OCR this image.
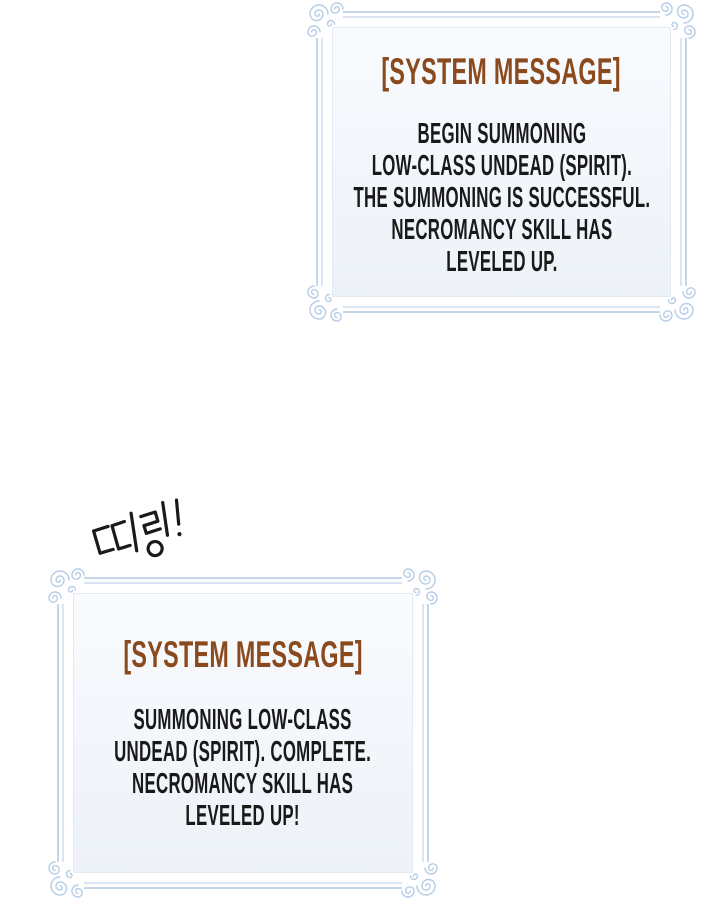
[SYSTEM MESSAGE]
BEGIN SUMMONING
LOW-CLASS UNDEAD (SPIRIT).
THE SUMMONING IS SUCCESSFUL.
NECROMANCY SKILL HAS
LEVELED UP.
[SYSTEM MESSAGE]
SUMMONING LOW-CLASS
UNDEAD (SPIRIT). COMPLETE.
NECROMANCY SKILL HAS
LEVELED UP!
